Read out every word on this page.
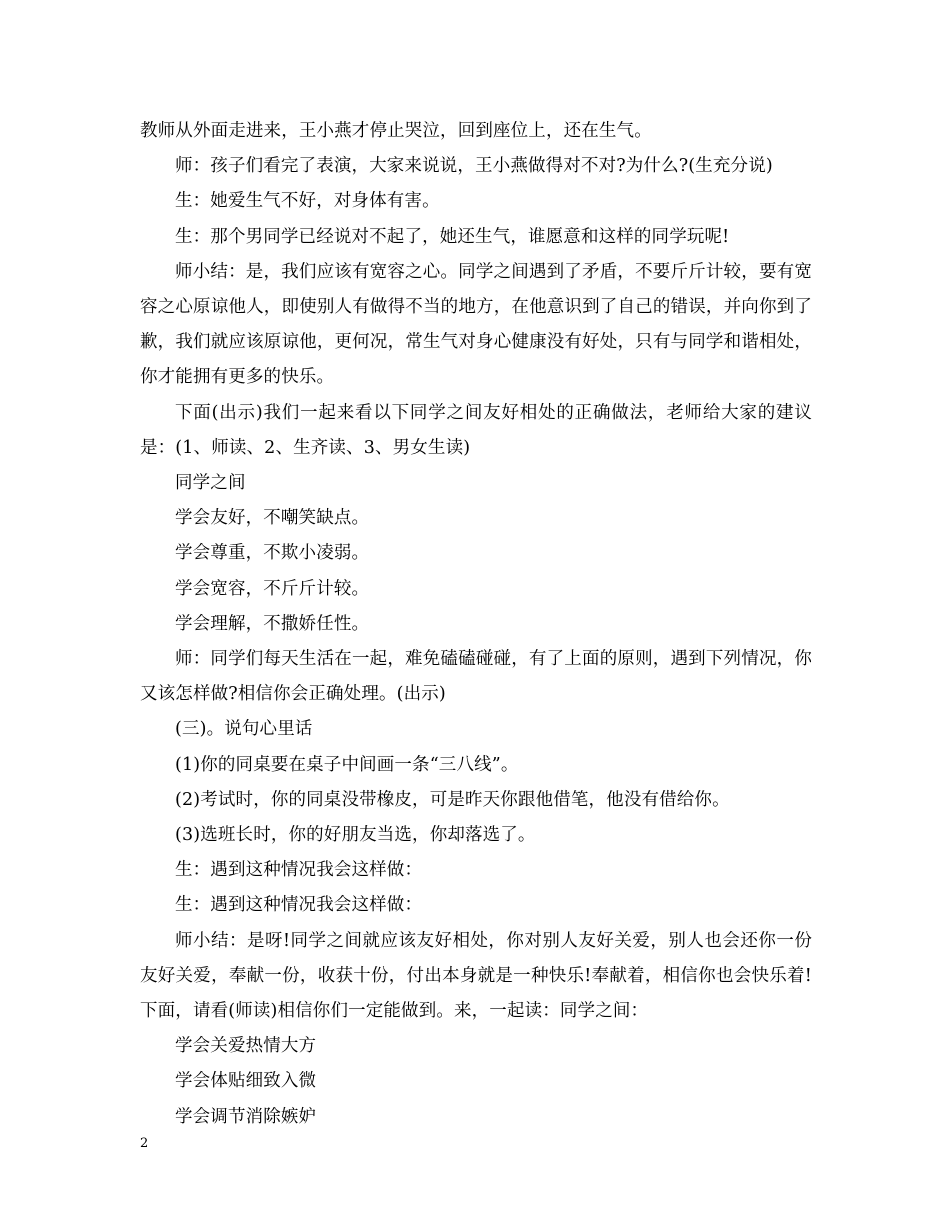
教师从外面走进来，王小燕才停止哭泣，回到座位上，还在生气。

师：孩子们看完了表演，大家来说说，王小燕做得对不对?为什么?(生充分说)

生：她爱生气不好，对身体有害。

生：那个男同学已经说对不起了，她还生气，谁愿意和这样的同学玩呢!

师小结：是，我们应该有宽容之心。同学之间遇到了矛盾，不要斤斤计较，要有宽容之心原谅他人，即使别人有做得不当的地方，在他意识到了自己的错误，并向你到了歉，我们就应该原谅他，更何况，常生气对身心健康没有好处，只有与同学和谐相处，你才能拥有更多的快乐。

下面(出示)我们一起来看以下同学之间友好相处的正确做法，老师给大家的建议是：(1、师读、2、生齐读、3、男女生读)

同学之间

学会友好，不嘲笑缺点。

学会尊重，不欺小凌弱。

学会宽容，不斤斤计较。

学会理解，不撒娇任性。

师：同学们每天生活在一起，难免磕磕碰碰，有了上面的原则，遇到下列情况，你又该怎样做?相信你会正确处理。(出示)

(三)。说句心里话

(1)你的同桌要在桌子中间画一条“三八线”。

(2)考试时，你的同桌没带橡皮，可是昨天你跟他借笔，他没有借给你。

(3)选班长时，你的好朋友当选，你却落选了。

生：遇到这种情况我会这样做：

生：遇到这种情况我会这样做：

师小结：是呀!同学之间就应该友好相处，你对别人友好关爱，别人也会还你一份友好关爱，奉献一份，收获十份，付出本身就是一种快乐!奉献着，相信你也会快乐着!下面，请看(师读)相信你们一定能做到。来，一起读：同学之间：

学会关爱热情大方

学会体贴细致入微

学会调节消除嫉妒

2
